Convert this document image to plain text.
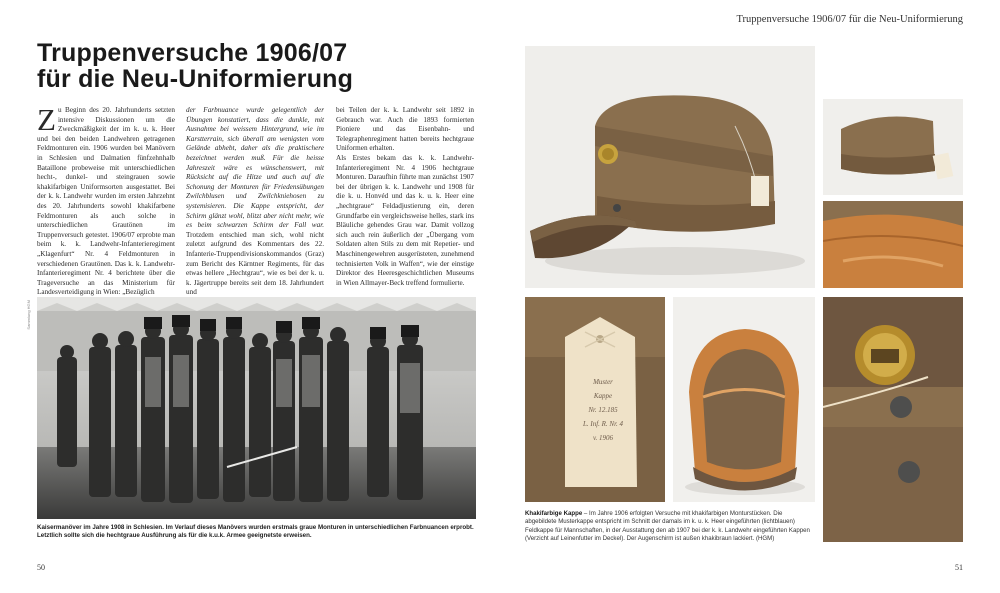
Truppenversuche 1906/07
für die Neu-Uniformierung
Zu Beginn des 20. Jahrhunderts setzten intensive Diskussionen um die Zweckmäßigkeit der im k. u. k. Heer und bei den beiden Landwehren getragenen Feldmonturen ein. 1906 wurden bei Manövern in Schlesien und Dalmatien fünfzehnhalb Bataillone probeweise mit unterschiedlichen hecht-, dunkel- und steingrauen sowie khakifarbigen Uniformsorten ausgestattet. Bei der k. k. Landwehr wurden im ersten Jahrzehnt des 20. Jahrhunderts sowohl khakifarbene Feldmonturen als auch solche in unterschiedlichen Grautönen im Truppenversuch getestet. 1906/07 erprobte man beim k. k. Landwehr-Infanterieregiment „Klagenfurt“ Nr. 4 Feldmonturen in verschiedenen Grautönen. Das k. k. Landwehr-Infanterieregiment Nr. 4 berichtete über die Trageversuche an das Ministerium für Landesverteidigung in Wien: „Bezüglich
der Farbnuance wurde gelegentlich der Übungen konstatiert, dass die dunkle, mit Ausnahme bei weissem Hintergrund, wie im Karstterrain, sich überall am wenigsten vom Gelände abhebt, daher als die praktischere bezeichnet werden muß. Für die heisse Jahreszeit wäre es wünschenswert, mit Rücksicht auf die Hitze und auch auf die Schonung der Monturen für Friedensübungen Zwilchblusen und Zwilchkniehosen zu systemisieren. Die Kappe entspricht, der Schirm glänzt wohl, blitzt aber nicht mehr, wie es beim schwarzen Schirm der Fall war. Trotzdem entschied man sich, wohl nicht zuletzt aufgrund des Kommentars des 22. Infanterie-Truppendivisionskommandos (Graz) zum Bericht des Kärntner Regiments, für das etwas hellere „Hechtgrau“, wie es bei der k. u. k. Jägertruppe bereits seit dem 18. Jahrhundert und
bei Teilen der k. k. Landwehr seit 1892 in Gebrauch war. Auch die 1893 formierten Pioniere und das Eisenbahn- und Telegraphenregiment hatten bereits hechtgraue Uniformen erhalten.
Als Erstes bekam das k. k. Landwehr-Infanterieregiment Nr. 4 1906 hechtgraue Monturen. Daraufhin führte man zunächst 1907 bei der übrigen k. k. Landwehr und 1908 für die k. u. Honvéd und das k. u. k. Heer eine „hechtgraue“ Feldadjustierung ein, deren Grundfarbe ein vergleichsweise helles, stark ins Bläuliche gehendes Grau war. Damit vollzog sich auch rein äußerlich der „Übergang vom Soldaten alten Stils zu dem mit Repetier- und Maschinengewehren ausgerüsteten, zunehmend technisierten Volk in Waffen“, wie der einstige Direktor des Heeresgeschichtlichen Museums in Wien Allmayer-Beck treffend formulierte.
Sammlung HGM
Kaisermanöver im Jahre 1908 in Schlesien. Im Verlauf dieses Manövers wurden erstmals graue Monturen in unterschiedlichen Farbnuancen erprobt. Letztlich sollte sich die hechtgraue Ausführung als für die k.u.k. Armee geeignetste erweisen.
50
Truppenversuche 1906/07 für die Neu-Uniformierung
Muster
Kappe
Nr. 12.185
L. Inf. R. Nr. 4
v. 1906
Khakifarbige Kappe – Im Jahre 1906 erfolgten Versuche mit khakifarbigen Monturstücken. Die abgebildete Musterkappe entspricht im Schnitt der damals im k. u. k. Heer eingeführten (lichtblauen) Feldkappe für Mannschaften, in der Ausstattung den ab 1907 bei der k. k. Landwehr eingeführten Kappen (Verzicht auf Leinenfutter im Deckel). Der Augenschirm ist außen khakibraun lackiert. (HGM)
51
